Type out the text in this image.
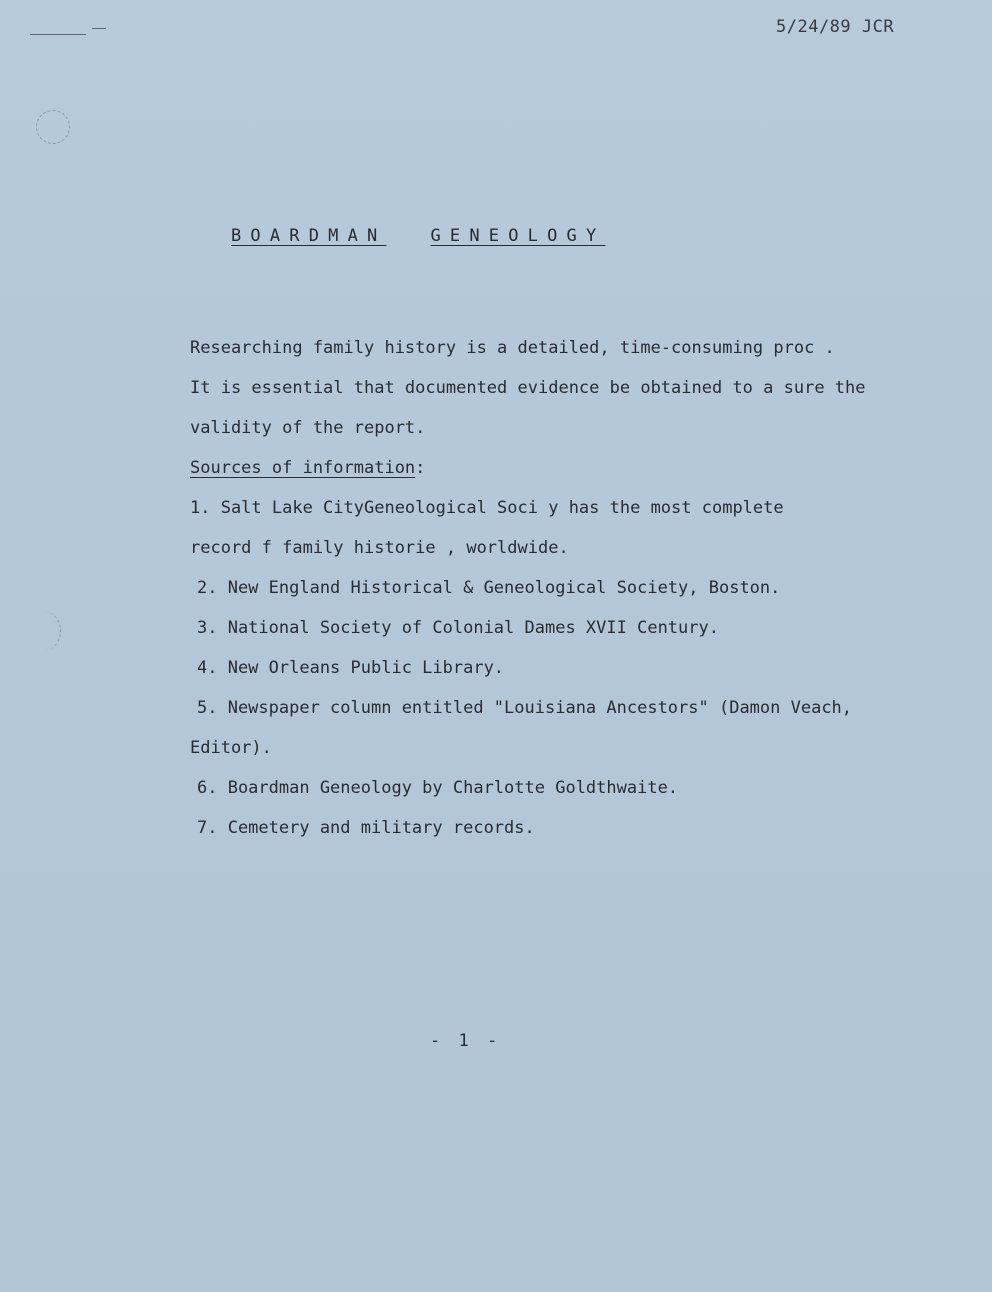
5/24/89 JCR
BOARDMAN	GENEOLOGY
Researching family history is a detailed, time-consuming proc .
It is essential that documented evidence be obtained to a sure the
validity of the report.
Sources of information:
1. Salt Lake CityGeneological Soci y has the most complete
record f family historie , worldwide.
2. New England Historical & Geneological Society, Boston.
3. National Society of Colonial Dames XVII Century.
4. New Orleans Public Library.
5. Newspaper column entitled "Louisiana Ancestors" (Damon Veach,
Editor).
6. Boardman Geneology by Charlotte Goldthwaite.
7. Cemetery and military records.
- 1 -
